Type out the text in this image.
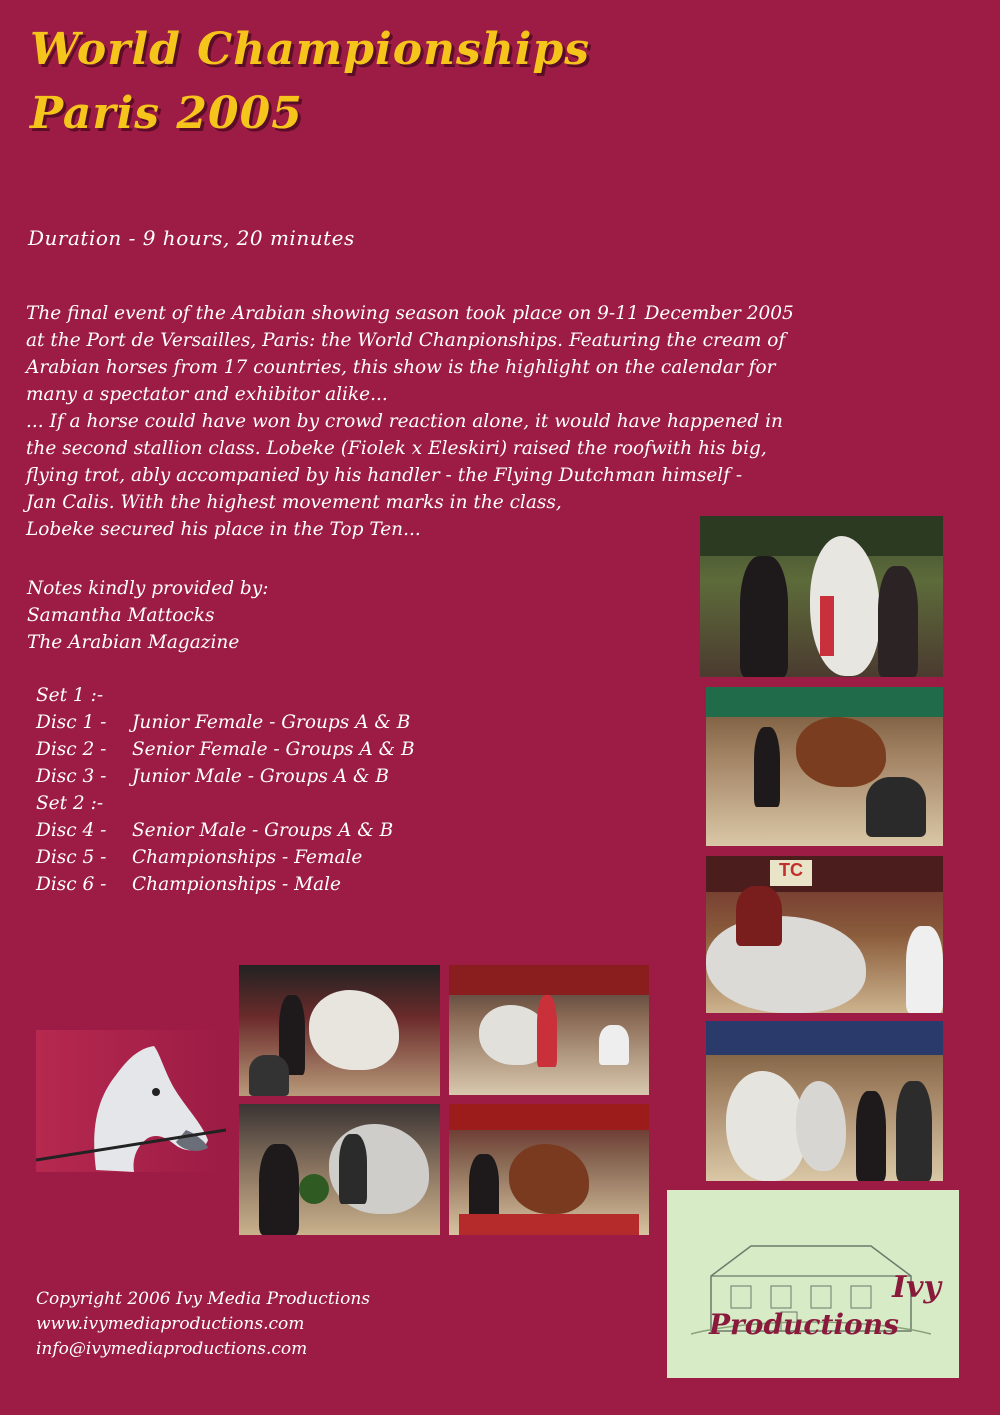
World Championships
Paris 2005
Duration - 9 hours, 20 minutes
The final event of the Arabian showing season took place on 9-11 December 2005
at the Port de Versailles, Paris: the World Chanpionships. Featuring the cream of
Arabian horses from 17 countries, this show is the highlight on the calendar for
many a spectator and exhibitor alike...
... If a horse could have won by crowd reaction alone, it would have happened in
the second stallion class. Lobeke (Fiolek x Eleskiri) raised the roofwith his big,
flying trot, ably accompanied by his handler - the Flying Dutchman himself -
Jan Calis. With the highest movement marks in the class,
Lobeke secured his place in the Top Ten...
Notes kindly provided by:
Samantha Mattocks
The Arabian Magazine
Set 1 :-
Disc 1 -	Junior Female - Groups A & B
Disc 2 -	Senior Female - Groups A & B
Disc 3 -	Junior Male - Groups A & B
Set 2 :-
Disc 4 -	Senior Male - Groups A & B
Disc 5 -	Championships - Female
Disc 6 -	Championships - Male
TC

Ivy

Productions

Copyright 2006 Ivy Media Productions
www.ivymediaproductions.com
info@ivymediaproductions.com
